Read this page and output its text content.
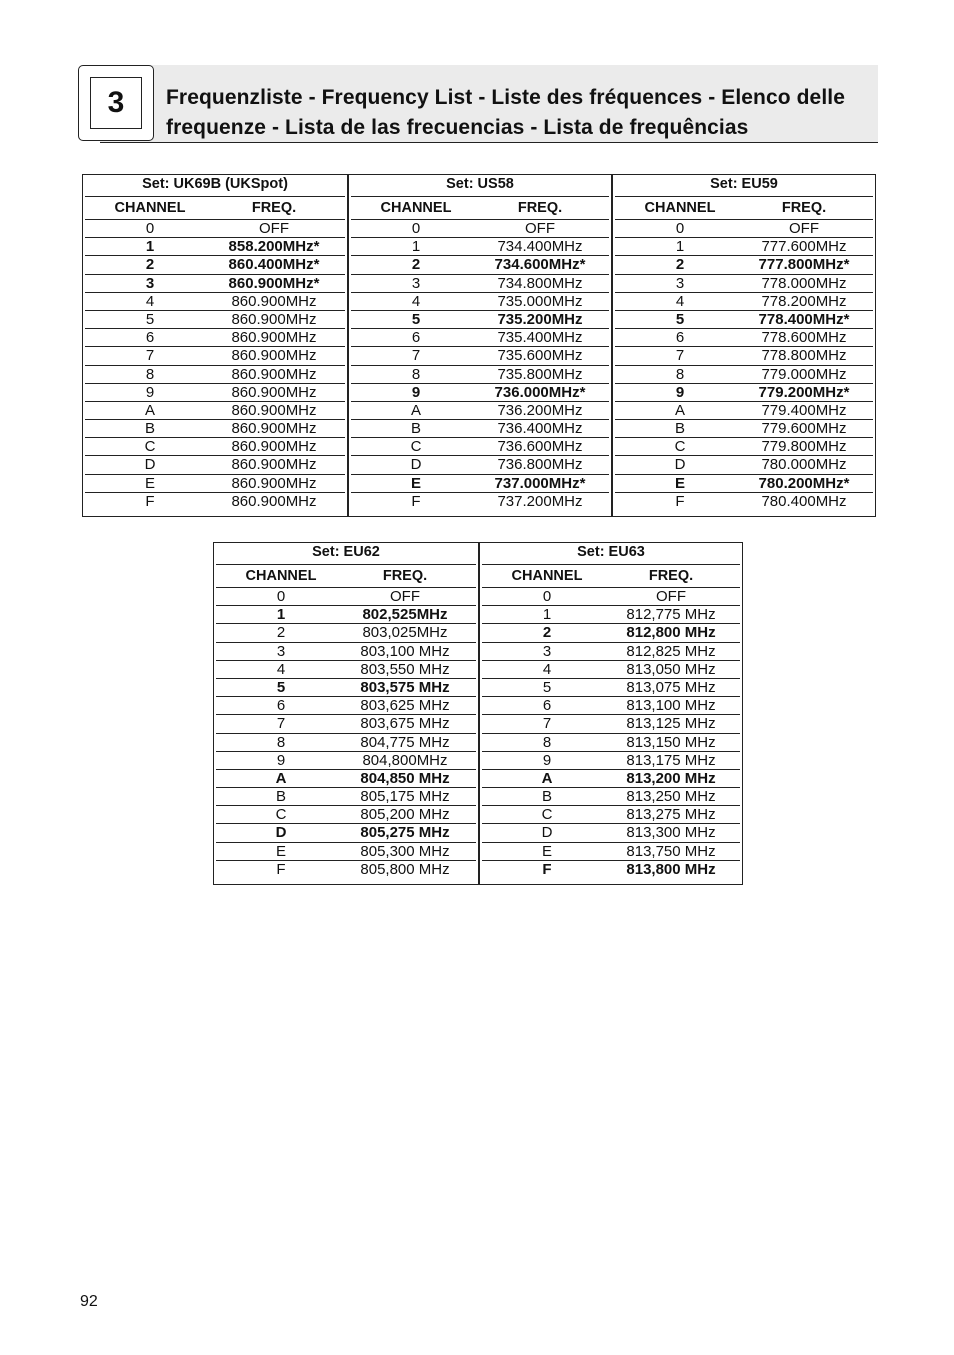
3	Frequenzliste - Frequency List - Liste des fréquences - Elenco delle frequenze - Lista de las frecuencias - Lista de frequências
Set: UK69B (UKSpot)
CHANNEL	FREQ.
0	OFF
1	858.200MHz*
2	860.400MHz*
3	860.900MHz*
4	860.900MHz
5	860.900MHz
6	860.900MHz
7	860.900MHz
8	860.900MHz
9	860.900MHz
A	860.900MHz
B	860.900MHz
C	860.900MHz
D	860.900MHz
E	860.900MHz
F	860.900MHz
Set: US58
CHANNEL	FREQ.
0	OFF
1	734.400MHz
2	734.600MHz*
3	734.800MHz
4	735.000MHz
5	735.200MHz
6	735.400MHz
7	735.600MHz
8	735.800MHz
9	736.000MHz*
A	736.200MHz
B	736.400MHz
C	736.600MHz
D	736.800MHz
E	737.000MHz*
F	737.200MHz
Set: EU59
CHANNEL	FREQ.
0	OFF
1	777.600MHz
2	777.800MHz*
3	778.000MHz
4	778.200MHz
5	778.400MHz*
6	778.600MHz
7	778.800MHz
8	779.000MHz
9	779.200MHz*
A	779.400MHz
B	779.600MHz
C	779.800MHz
D	780.000MHz
E	780.200MHz*
F	780.400MHz
Set: EU62
CHANNEL	FREQ.
0	OFF
1	802,525MHz
2	803,025MHz
3	803,100 MHz
4	803,550 MHz
5	803,575 MHz
6	803,625 MHz
7	803,675 MHz
8	804,775 MHz
9	804,800MHz
A	804,850 MHz
B	805,175 MHz
C	805,200 MHz
D	805,275 MHz
E	805,300 MHz
F	805,800 MHz
Set: EU63
CHANNEL	FREQ.
0	OFF
1	812,775 MHz
2	812,800 MHz
3	812,825 MHz
4	813,050 MHz
5	813,075 MHz
6	813,100 MHz
7	813,125 MHz
8	813,150 MHz
9	813,175 MHz
A	813,200 MHz
B	813,250 MHz
C	813,275 MHz
D	813,300 MHz
E	813,750 MHz
F	813,800 MHz
92
